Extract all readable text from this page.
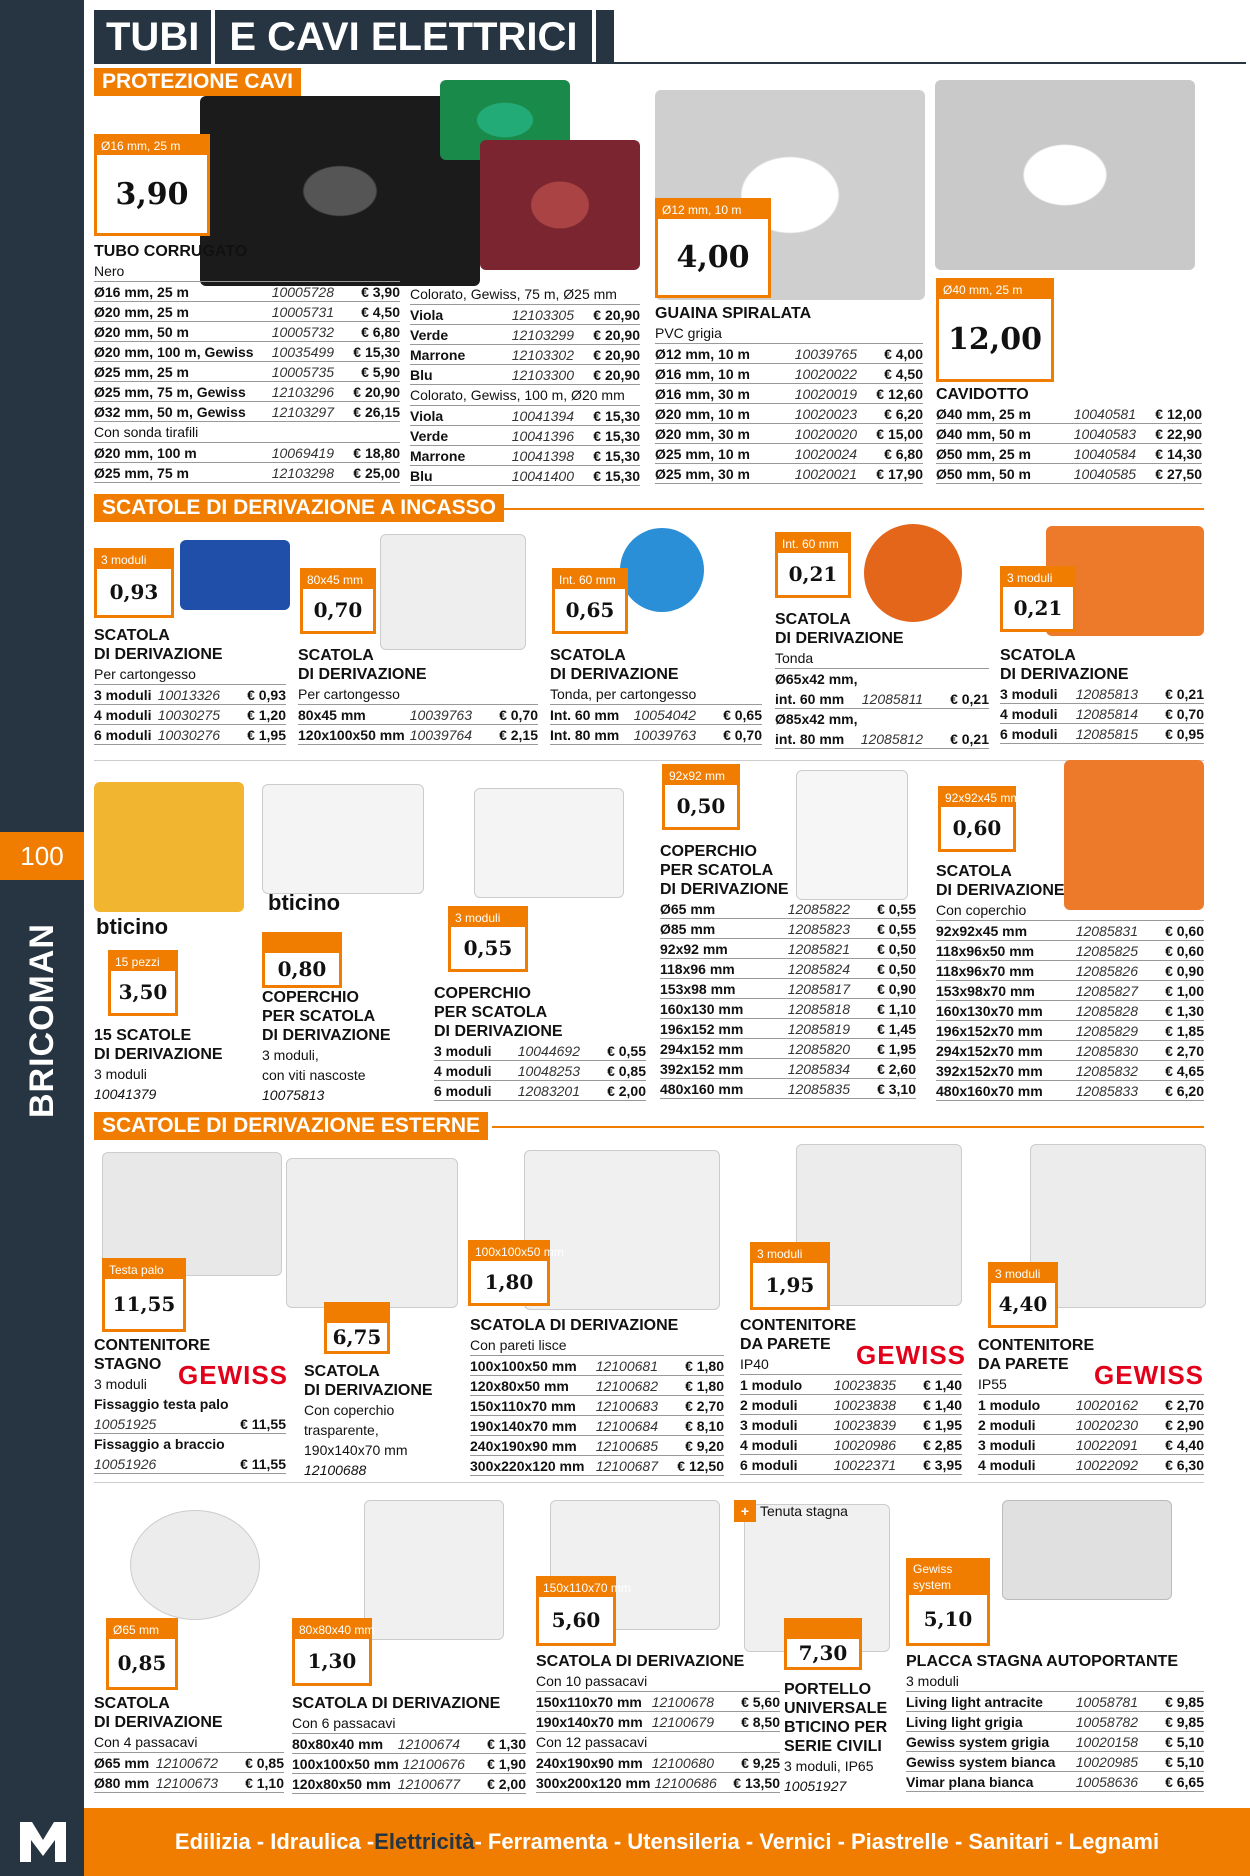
100
BRICOMAN
Edilizia - Idraulica - Elettricità - Ferramenta - Utensileria - Vernici - Piastrelle - Sanitari - Legnami
TUBI E CAVI ELETTRICI
PROTEZIONE CAVI
Ø16 mm, 25 m
3,90	Ø12 mm, 10 m
4,00
Ø40 mm, 25 m
12,00
TUBO CORRUGATO
Nero
Ø16 mm, 25 m	10005728	€ 3,90
Ø20 mm, 25 m	10005731	€ 4,50
Ø20 mm, 50 m	10005732	€ 6,80
Ø20 mm, 100 m, Gewiss 10035499	€ 15,30
Ø25 mm, 25 m	10005735	€ 5,90
Ø25 mm, 75 m, Gewiss 12103296	€ 20,90
Ø32 mm, 50 m, Gewiss 12103297	€ 26,15
Con sonda tirafili
Ø20 mm, 100 m	10069419	€ 18,80
Ø25 mm, 75 m	12103298	€ 25,00
Colorato, Gewiss, 75 m, Ø25 mm
Viola	12103305	€ 20,90
Verde	12103299	€ 20,90
Marrone	12103302	€ 20,90
Blu	12103300	€ 20,90
Colorato, Gewiss, 100 m, Ø20 mm
Viola	10041394	€ 15,30
Verde	10041396	€ 15,30
Marrone	10041398	€ 15,30
Blu	10041400	€ 15,30
GUAINA SPIRALATA
PVC grigia
Ø12 mm, 10 m	10039765	€ 4,00
Ø16 mm, 10 m	10020022	€ 4,50
Ø16 mm, 30 m	10020019	€ 12,60
Ø20 mm, 10 m	10020023	€ 6,20
Ø20 mm, 30 m	10020020	€ 15,00
Ø25 mm, 10 m	10020024	€ 6,80
Ø25 mm, 30 m	10020021	€ 17,90
CAVIDOTTO
Ø40 mm, 25 m	10040581	€ 12,00
Ø40 mm, 50 m	10040583	€ 22,90
Ø50 mm, 25 m	10040584	€ 14,30
Ø50 mm, 50 m	10040585	€ 27,50
SCATOLE DI DERIVAZIONE A INCASSO
3 moduli
0,93	80x45 mm
0,70
Int. 60 mm
0,65
Int. 60 mm
0,21	3 moduli
0,21
SCATOLA
DI DERIVAZIONE
Per cartongesso
3 moduli 10013326	€ 0,93
4 moduli 10030275	€ 1,20
6 moduli 10030276	€ 1,95
SCATOLA
DI DERIVAZIONE
Per cartongesso
80x45 mm	10039763	€ 0,70
120x100x50 mm 10039764	€ 2,15
SCATOLA
DI DERIVAZIONE
Tonda, per cartongesso
Int. 60 mm 10054042	€ 0,65
Int. 80 mm 10039763	€ 0,70
SCATOLA
DI DERIVAZIONE
Tonda
Ø65x42 mm,
int. 60 mm 12085811	€ 0,21
Ø85x42 mm,
int. 80 mm 12085812	€ 0,21
SCATOLA
DI DERIVAZIONE
3 moduli 12085813	€ 0,21
4 moduli 12085814	€ 0,70
6 moduli 12085815	€ 0,95
bticino
bticino
15 pezzi
3,50
0,80
3 moduli
0,55
92x92 mm
0,50	92x92x45 mm
0,60
15 SCATOLE
DI DERIVAZIONE
3 moduli
10041379
COPERCHIO
PER SCATOLA
DI DERIVAZIONE
3 moduli,
con viti nascoste
10075813
COPERCHIO
PER SCATOLA
DI DERIVAZIONE
3 moduli 10044692	€ 0,55
4 moduli 10048253	€ 0,85
6 moduli 12083201	€ 2,00
COPERCHIO
PER SCATOLA
DI DERIVAZIONE
Ø65 mm	12085822	€ 0,55
Ø85 mm	12085823	€ 0,55
92x92 mm	12085821	€ 0,50
118x96 mm	12085824	€ 0,50
153x98 mm	12085817	€ 0,90
160x130 mm	12085818	€ 1,10
196x152 mm	12085819	€ 1,45
294x152 mm	12085820	€ 1,95
392x152 mm	12085834	€ 2,60
480x160 mm	12085835	€ 3,10
SCATOLA
DI DERIVAZIONE
Con coperchio
92x92x45 mm	12085831	€ 0,60
118x96x50 mm	12085825	€ 0,60
118x96x70 mm	12085826	€ 0,90
153x98x70 mm	12085827	€ 1,00
160x130x70 mm 12085828	€ 1,30
196x152x70 mm 12085829	€ 1,85
294x152x70 mm 12085830	€ 2,70
392x152x70 mm 12085832	€ 4,65
480x160x70 mm 12085833	€ 6,20
SCATOLE DI DERIVAZIONE ESTERNE
Testa palo
11,55
6,75
100x100x50 mm
1,80
3 moduli
1,95	3 moduli
4,40
GEWISS
GEWISS
GEWISS
CONTENITORE
STAGNO
3 moduli
Fissaggio testa palo
10051925	€ 11,55
Fissaggio a braccio
10051926	€ 11,55
SCATOLA
DI DERIVAZIONE
Con coperchio
trasparente,
190x140x70 mm
12100688
SCATOLA DI DERIVAZIONE
Con pareti lisce
100x100x50 mm 12100681	€ 1,80
120x80x50 mm 12100682	€ 1,80
150x110x70 mm 12100683	€ 2,70
190x140x70 mm 12100684	€ 8,10
240x190x90 mm 12100685	€ 9,20
300x220x120 mm 12100687	€ 12,50
CONTENITORE
DA PARETE
IP40
1 modulo 10023835	€ 1,40
2 moduli	10023838	€ 1,40
3 moduli	10023839	€ 1,95
4 moduli	10020986	€ 2,85
6 moduli	10022371	€ 3,95
CONTENITORE
DA PARETE
IP55
1 modulo	10020162	€ 2,70
2 moduli	10020230	€ 2,90
3 moduli	10022091	€ 4,40
4 moduli	10022092	€ 6,30
+ Tenuta stagna
Ø65 mm
0,85
80x80x40 mm
1,30
150x110x70 mm
5,60
7,30
Gewiss system
5,10
SCATOLA
DI DERIVAZIONE
Con 4 passacavi
Ø65 mm 12100672	€ 0,85
Ø80 mm 12100673	€ 1,10
SCATOLA DI DERIVAZIONE
Con 6 passacavi
80x80x40 mm 12100674	€ 1,30
100x100x50 mm 12100676	€ 1,90
120x80x50 mm 12100677	€ 2,00
SCATOLA DI DERIVAZIONE
Con 10 passacavi
150x110x70 mm 12100678	€ 5,60
190x140x70 mm 12100679	€ 8,50
Con 12 passacavi
240x190x90 mm 12100680	€ 9,25
300x200x120 mm 12100686	€ 13,50
PORTELLO
UNIVERSALE
BTICINO PER
SERIE CIVILI
3 moduli, IP65
10051927
PLACCA STAGNA AUTOPORTANTE
3 moduli
Living light antracite 10058781	€ 9,85
Living light grigia	10058782	€ 9,85
Gewiss system grigia 10020158	€ 5,10
Gewiss system bianca 10020985	€ 5,10
Vimar plana bianca	10058636	€ 6,65
